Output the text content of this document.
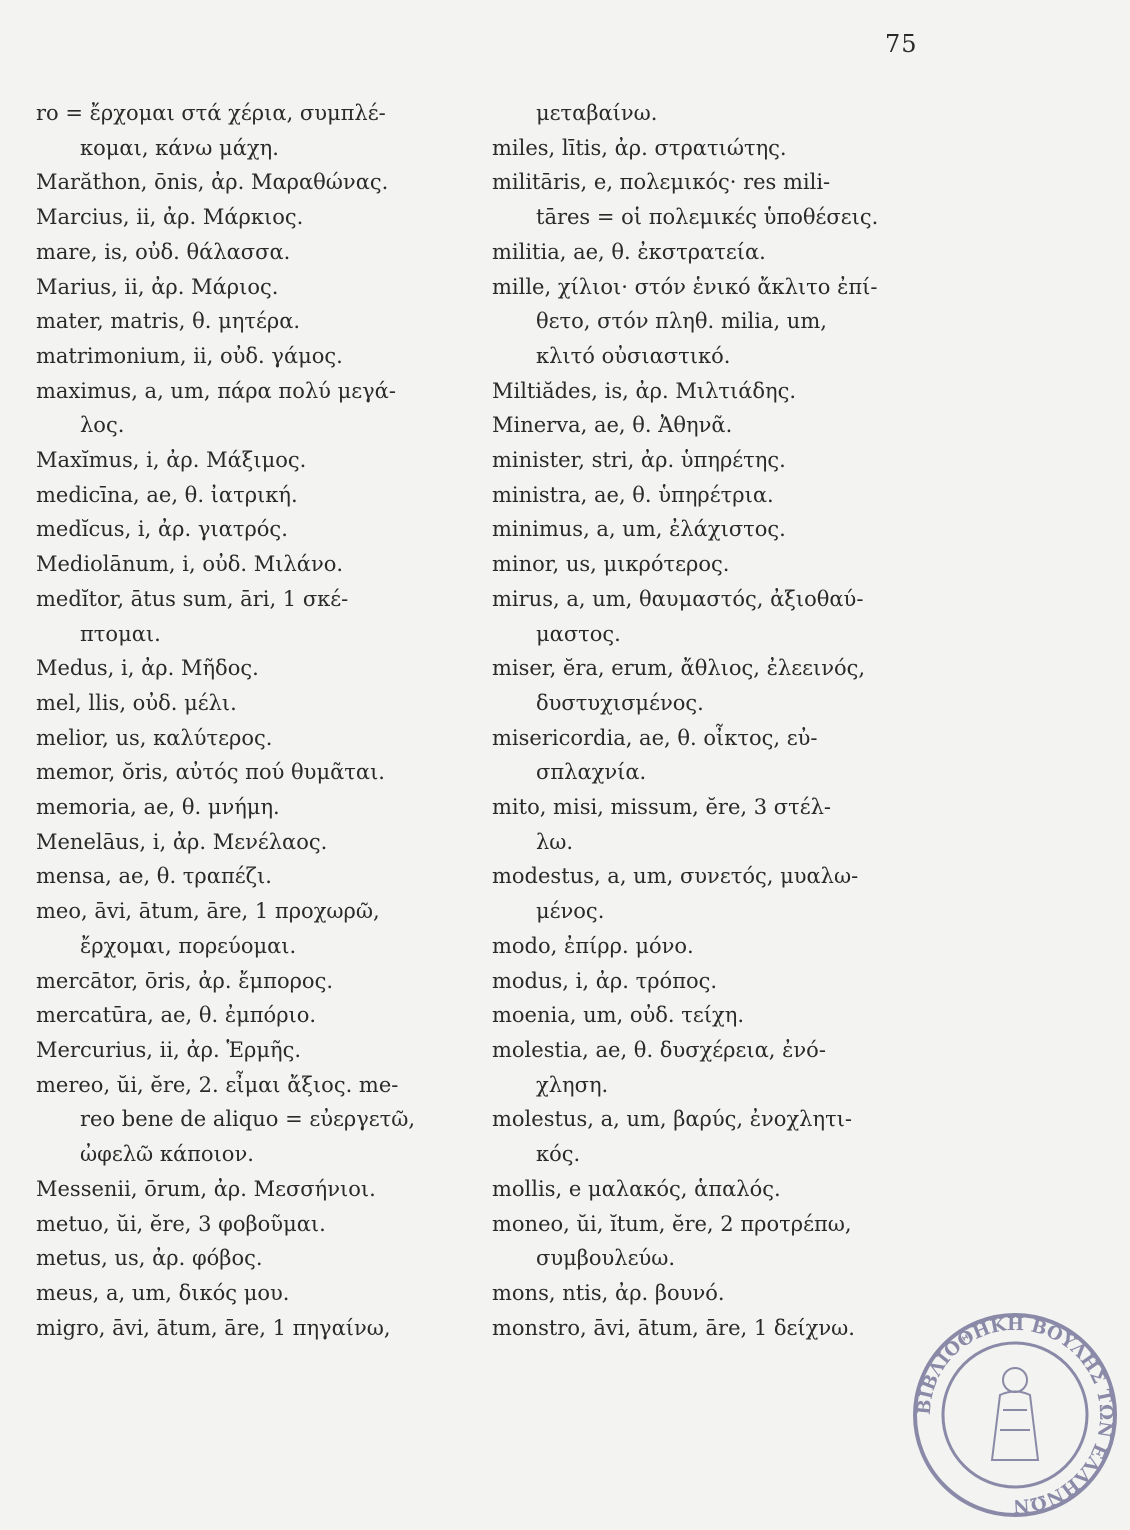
75

ro = ἔρχομαι στά χέρια, συμπλέ-

κομαι, κάνω μάχη.

Marăthon, ōnis, ἀρ. Μαραθώνας.

Marcius, ii, ἀρ. Μάρκιος.

mare, is, οὐδ. θάλασσα.

Marius, ii, ἀρ. Μάριος.

mater, matris, θ. μητέρα.

matrimonium, ii, οὐδ. γάμος.

maximus, a, um, πάρα πολύ μεγά-

λος.

Maxĭmus, i, ἀρ. Μάξιμος.

medicīna, ae, θ. ἰατρική.

medĭcus, i, ἀρ. γιατρός.

Mediolānum, i, οὐδ. Μιλάνο.

medĭtor, ātus sum, āri, 1 σκέ-

πτομαι.

Medus, i, ἀρ. Μῆδος.

mel, llis, οὐδ. μέλι.

melior, us, καλύτερος.

memor, ŏris, αὐτός πού θυμᾶται.

memoria, ae, θ. μνήμη.

Menelāus, i, ἀρ. Μενέλαος.

mensa, ae, θ. τραπέζι.

meo, āvi, ātum, āre, 1 προχωρῶ,

ἔρχομαι, πορεύομαι.

mercātor, ōris, ἀρ. ἔμπορος.

mercatūra, ae, θ. ἐμπόριο.

Mercurius, ii, ἀρ. Ἑρμῆς.

mereo, ŭi, ĕre, 2. εἶμαι ἄξιος. me-

reo bene de aliquo = εὐεργετῶ,

ὠφελῶ κάποιον.

Messenii, ōrum, ἀρ. Μεσσήνιοι.

metuo, ŭi, ĕre, 3 φοβοῦμαι.

metus, us, ἀρ. φόβος.

meus, a, um, δικός μου.

migro, āvi, ātum, āre, 1 πηγαίνω,

μεταβαίνω.

miles, lītis, ἀρ. στρατιώτης.

militāris, e, πολεμικός· res mili-

tāres = οἱ πολεμικές ὑποθέσεις.

militia, ae, θ. ἐκστρατεία.

mille, χίλιοι· στόν ἑνικό ἄκλιτο ἐπί-

θετο, στόν πληθ. milia, um,

κλιτό οὐσιαστικό.

Miltiădes, is, ἀρ. Μιλτιάδης.

Minerva, ae, θ. Ἀθηνᾶ.

minister, stri, ἀρ. ὑπηρέτης.

ministra, ae, θ. ὑπηρέτρια.

minimus, a, um, ἐλάχιστος.

minor, us, μικρότερος.

mirus, a, um, θαυμαστός, ἀξιοθαύ-

μαστος.

miser, ĕra, erum, ἄθλιος, ἐλεεινός,

δυστυχισμένος.

misericordia, ae, θ. οἶκτος, εὐ-

σπλαχνία.

mito, misi, missum, ĕre, 3 στέλ-

λω.

modestus, a, um, συνετός, μυαλω-

μένος.

modo, ἐπίρρ. μόνο.

modus, i, ἀρ. τρόπος.

moenia, um, οὐδ. τείχη.

molestia, ae, θ. δυσχέρεια, ἐνό-

χληση.

molestus, a, um, βαρύς, ἐνοχλητι-

κός.

mollis, e μαλακός, ἁπαλός.

moneo, ŭi, ĭtum, ĕre, 2 προτρέπω,

συμβουλεύω.

mons, ntis, ἀρ. βουνό.

monstro, āvi, ātum, āre, 1 δείχνω.

ΒΙΒΛΙΟΘΗΚΗ ΒΟΥΛΗΣ ΤΩΝ ΕΛΛΗΝΩΝ
